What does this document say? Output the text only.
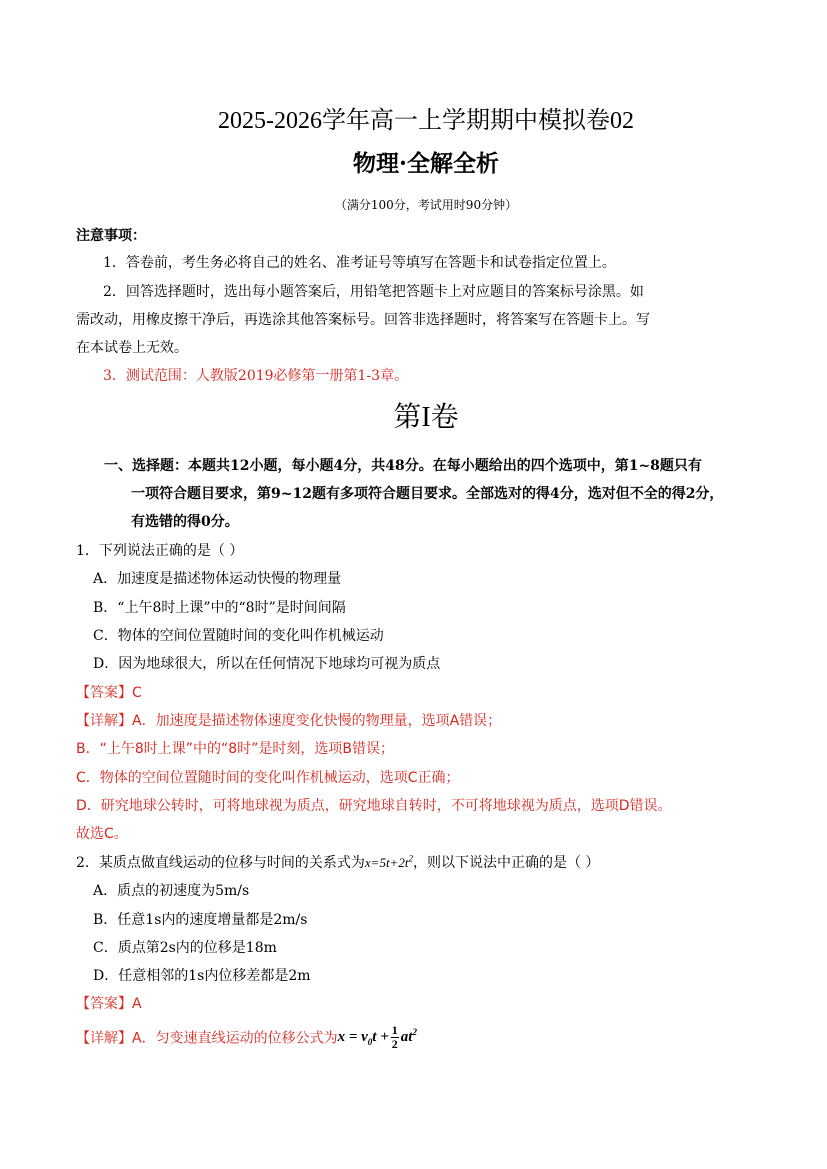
2025-2026学年高一上学期期中模拟卷02
物理·全解全析
（满分100分，考试用时90分钟）
注意事项：
1．答卷前，考生务必将自己的姓名、准考证号等填写在答题卡和试卷指定位置上。
2．回答选择题时，选出每小题答案后，用铅笔把答题卡上对应题目的答案标号涂黑。如
需改动，用橡皮擦干净后，再选涂其他答案标号。回答非选择题时，将答案写在答题卡上。写
在本试卷上无效。
3．测试范围：人教版2019必修第一册第1-3章。
第I卷
一、选择题：本题共12小题，每小题4分，共48分。在每小题给出的四个选项中，第1~8题只有
一项符合题目要求，第9~12题有多项符合题目要求。全部选对的得4分，选对但不全的得2分，
有选错的得0分。
1．下列说法正确的是（ ）
A．加速度是描述物体运动快慢的物理量
B．“上午8时上课”中的“8时”是时间间隔
C．物体的空间位置随时间的变化叫作机械运动
D．因为地球很大，所以在任何情况下地球均可视为质点
【答案】C
【详解】A．加速度是描述物体速度变化快慢的物理量，选项A错误；
B．“上午8时上课”中的“8时”是时刻，选项B错误；
C．物体的空间位置随时间的变化叫作机械运动，选项C正确；
D．研究地球公转时，可将地球视为质点，研究地球自转时，不可将地球视为质点，选项D错误。
故选C。
2．某质点做直线运动的位移与时间的关系式为$x=5t+2t^2$，则以下说法中正确的是（ ）
A．质点的初速度为5m/s
B．任意1s内的速度增量都是2m/s
C．质点第2s内的位移是18m
D．任意相邻的1s内位移差都是2m
【答案】A
【详解】A．匀变速直线运动的位移公式为$x = v_0t + \frac{1}{2} at^2$
